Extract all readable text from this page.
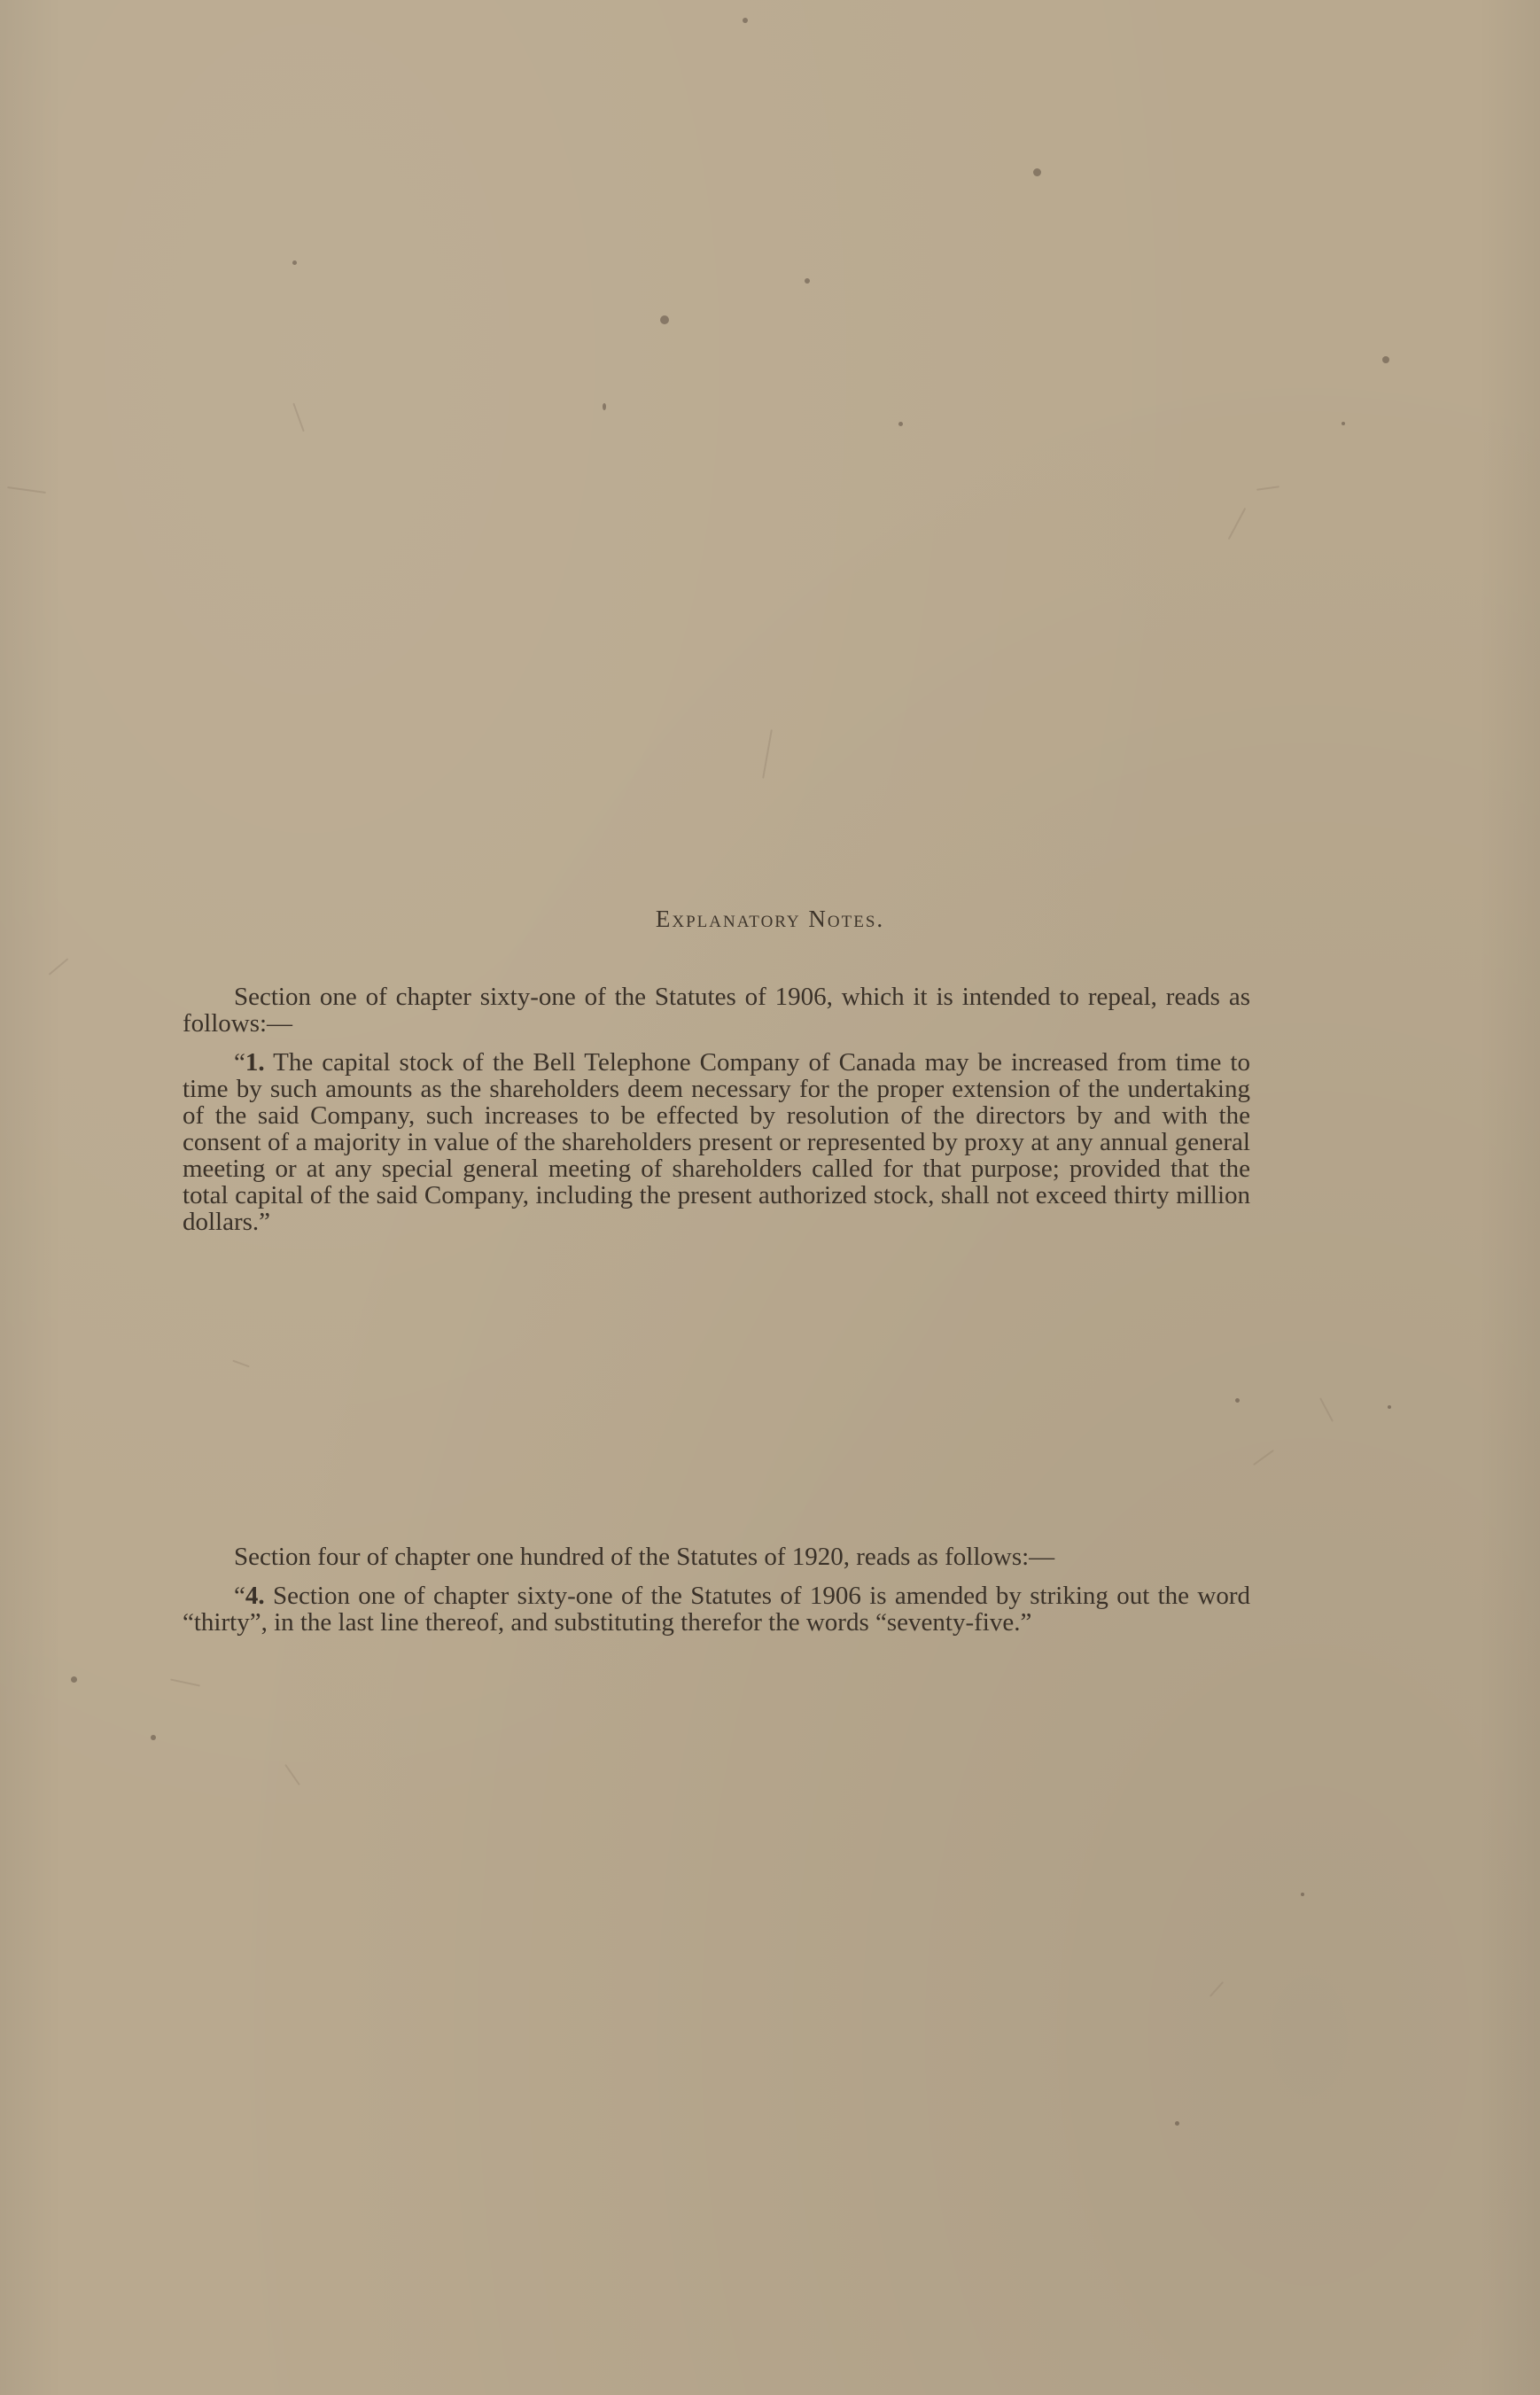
Explanatory Notes.

Section one of chapter sixty-one of the Statutes of 1906, which it is intended to repeal, reads as follows:—

“1. The capital stock of the Bell Telephone Company of Canada may be increased from time to time by such amounts as the shareholders deem necessary for the proper extension of the undertaking of the said Company, such increases to be effected by resolution of the directors by and with the consent of a majority in value of the shareholders present or represented by proxy at any annual general meeting or at any special general meeting of shareholders called for that purpose; provided that the total capital of the said Company, including the present authorized stock, shall not exceed thirty million dollars.”

Section four of chapter one hundred of the Statutes of 1920, reads as follows:—

“4. Section one of chapter sixty-one of the Statutes of 1906 is amended by striking out the word “thirty”, in the last line thereof, and substituting therefor the words “seventy-five.”
